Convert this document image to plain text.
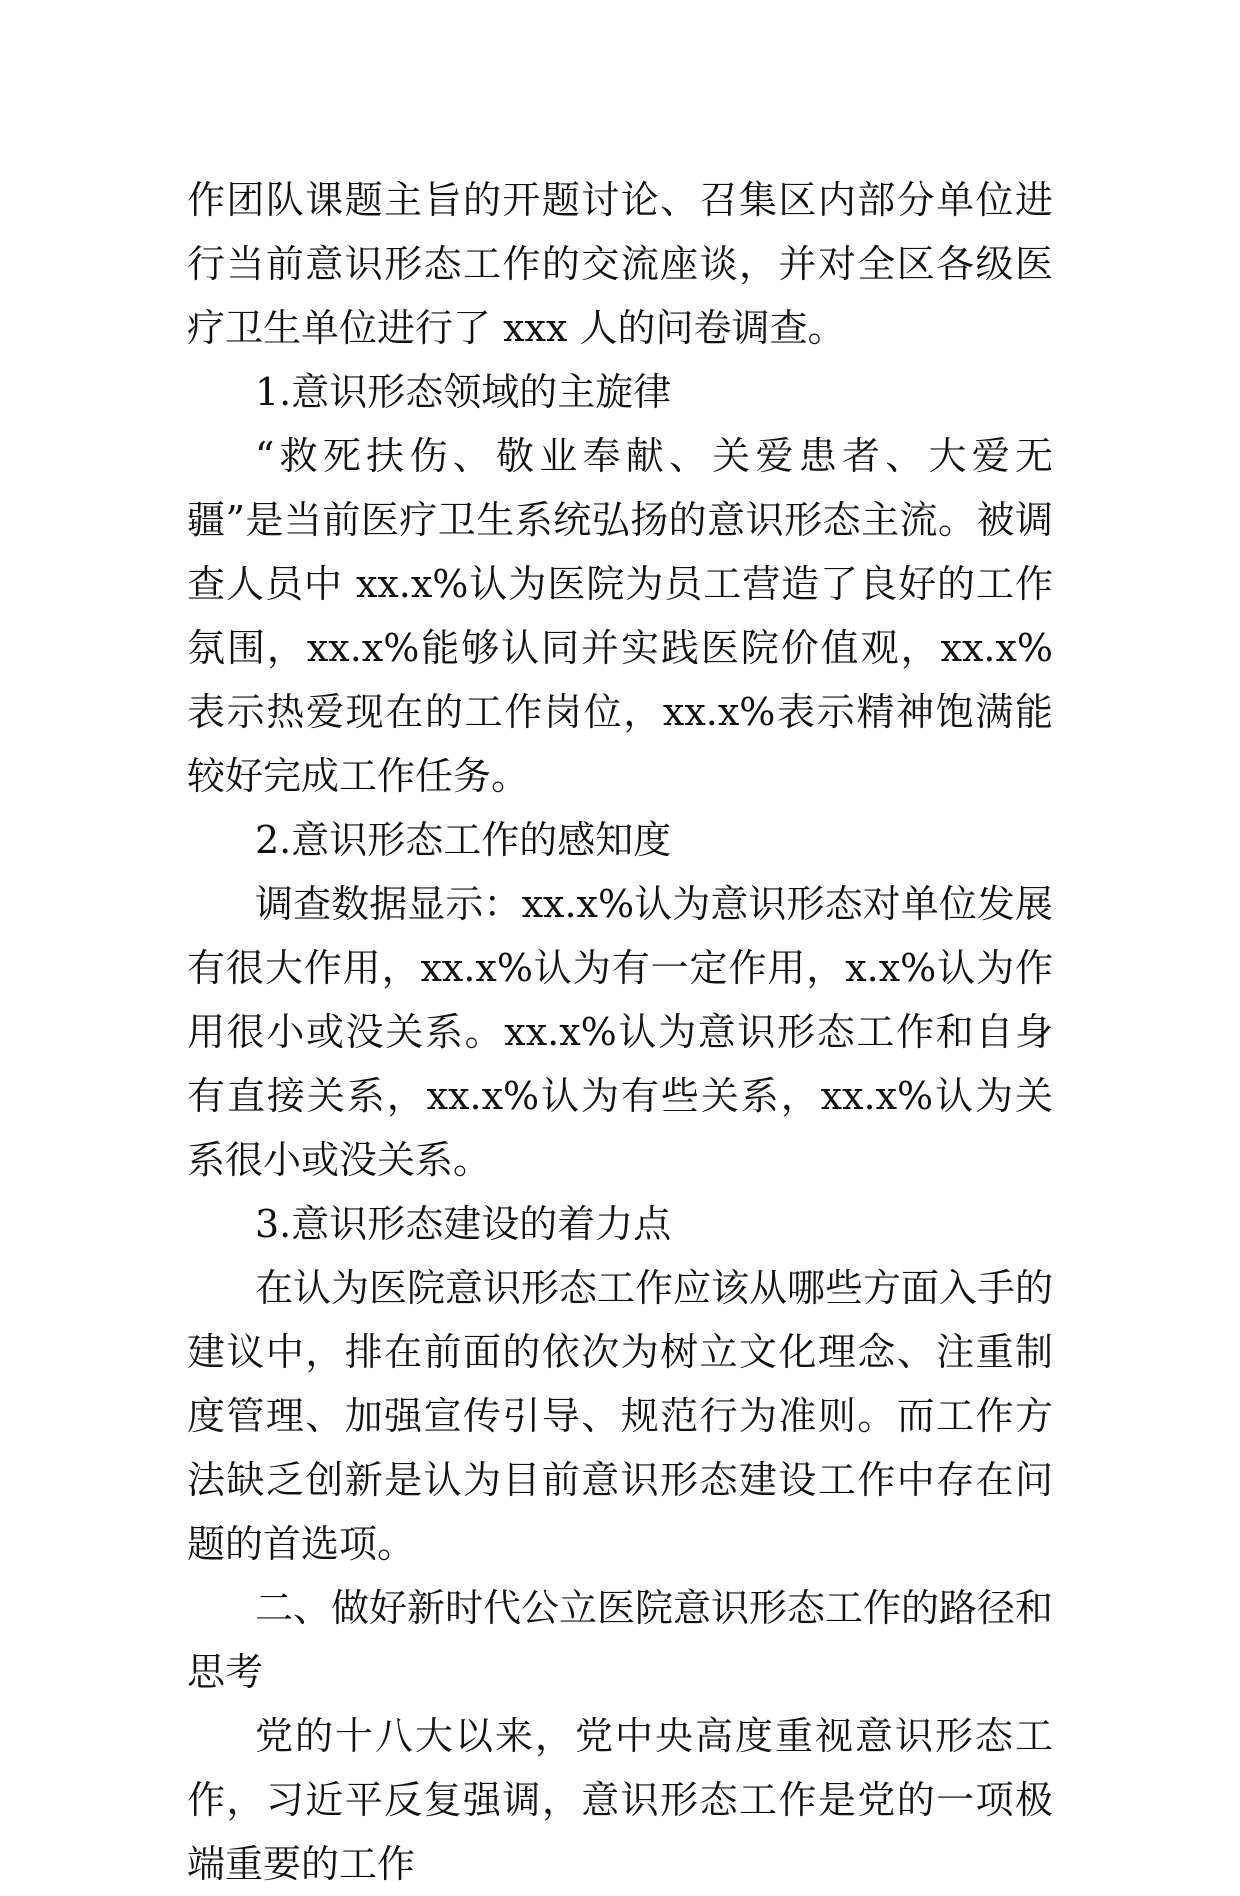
作团队课题主旨的开题讨论、召集区内部分单位进行当前意识形态工作的交流座谈，并对全区各级医疗卫生单位进行了 xxx 人的问卷调查。

1.意识形态领域的主旋律

“救死扶伤、敬业奉献、关爱患者、大爱无疆”是当前医疗卫生系统弘扬的意识形态主流。被调查人员中 xx.x%认为医院为员工营造了良好的工作氛围，xx.x%能够认同并实践医院价值观，xx.x%表示热爱现在的工作岗位，xx.x%表示精神饱满能较好完成工作任务。

2.意识形态工作的感知度

调查数据显示：xx.x%认为意识形态对单位发展有很大作用，xx.x%认为有一定作用，x.x%认为作用很小或没关系。xx.x%认为意识形态工作和自身有直接关系，xx.x%认为有些关系，xx.x%认为关系很小或没关系。

3.意识形态建设的着力点

在认为医院意识形态工作应该从哪些方面入手的建议中，排在前面的依次为树立文化理念、注重制度管理、加强宣传引导、规范行为准则。而工作方法缺乏创新是认为目前意识形态建设工作中存在问题的首选项。

二、做好新时代公立医院意识形态工作的路径和思考

党的十八大以来，党中央高度重视意识形态工作，习近平反复强调，意识形态工作是党的一项极端重要的工作
